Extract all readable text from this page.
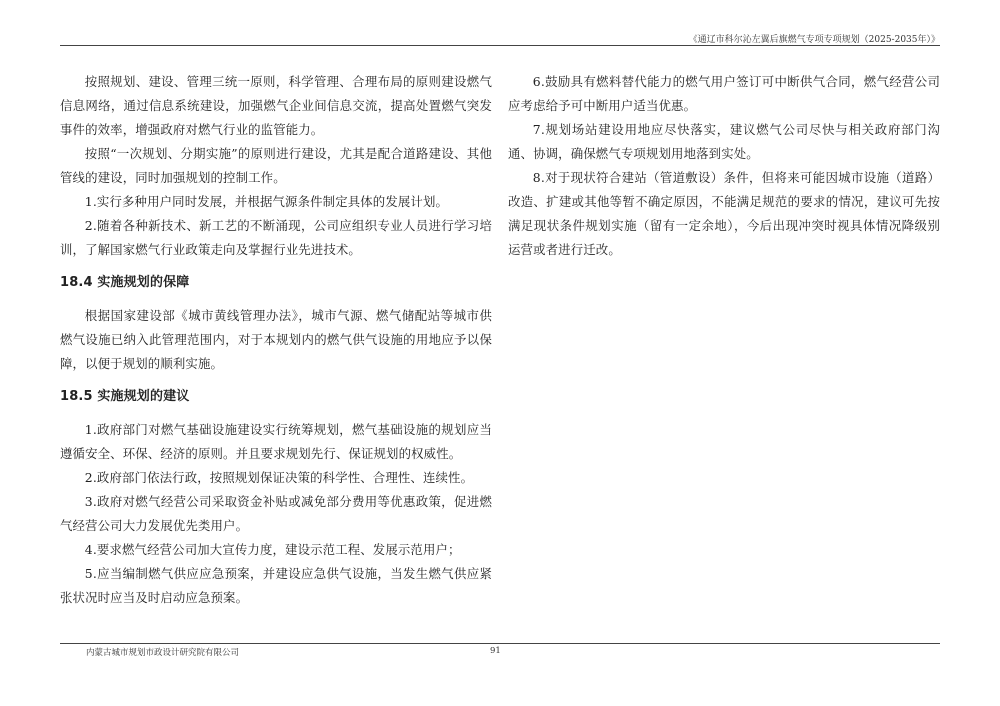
《通辽市科尔沁左翼后旗燃气专项专项规划（2025-2035年）》

按照规划、建设、管理三统一原则，科学管理、合理布局的原则建设燃气信息网络，通过信息系统建设，加强燃气企业间信息交流，提高处置燃气突发事件的效率，增强政府对燃气行业的监管能力。

按照“一次规划、分期实施”的原则进行建设，尤其是配合道路建设、其他管线的建设，同时加强规划的控制工作。

1.实行多种用户同时发展，并根据气源条件制定具体的发展计划。

2.随着各种新技术、新工艺的不断涌现，公司应组织专业人员进行学习培训，了解国家燃气行业政策走向及掌握行业先进技术。

18.4 实施规划的保障

根据国家建设部《城市黄线管理办法》，城市气源、燃气储配站等城市供燃气设施已纳入此管理范围内，对于本规划内的燃气供气设施的用地应予以保障，以便于规划的顺利实施。

18.5 实施规划的建议

1.政府部门对燃气基础设施建设实行统筹规划，燃气基础设施的规划应当遵循安全、环保、经济的原则。并且要求规划先行、保证规划的权威性。

2.政府部门依法行政，按照规划保证决策的科学性、合理性、连续性。

3.政府对燃气经营公司采取资金补贴或减免部分费用等优惠政策，促进燃气经营公司大力发展优先类用户。

4.要求燃气经营公司加大宣传力度，建设示范工程、发展示范用户；

5.应当编制燃气供应应急预案，并建设应急供气设施，当发生燃气供应紧张状况时应当及时启动应急预案。

6.鼓励具有燃料替代能力的燃气用户签订可中断供气合同，燃气经营公司应考虑给予可中断用户适当优惠。

7.规划场站建设用地应尽快落实，建议燃气公司尽快与相关政府部门沟通、协调，确保燃气专项规划用地落到实处。

8.对于现状符合建站（管道敷设）条件，但将来可能因城市设施（道路）改造、扩建或其他等暂不确定原因，不能满足规范的要求的情况，建议可先按满足现状条件规划实施（留有一定余地），今后出现冲突时视具体情况降级别运营或者进行迁改。

内蒙古城市规划市政设计研究院有限公司	91
